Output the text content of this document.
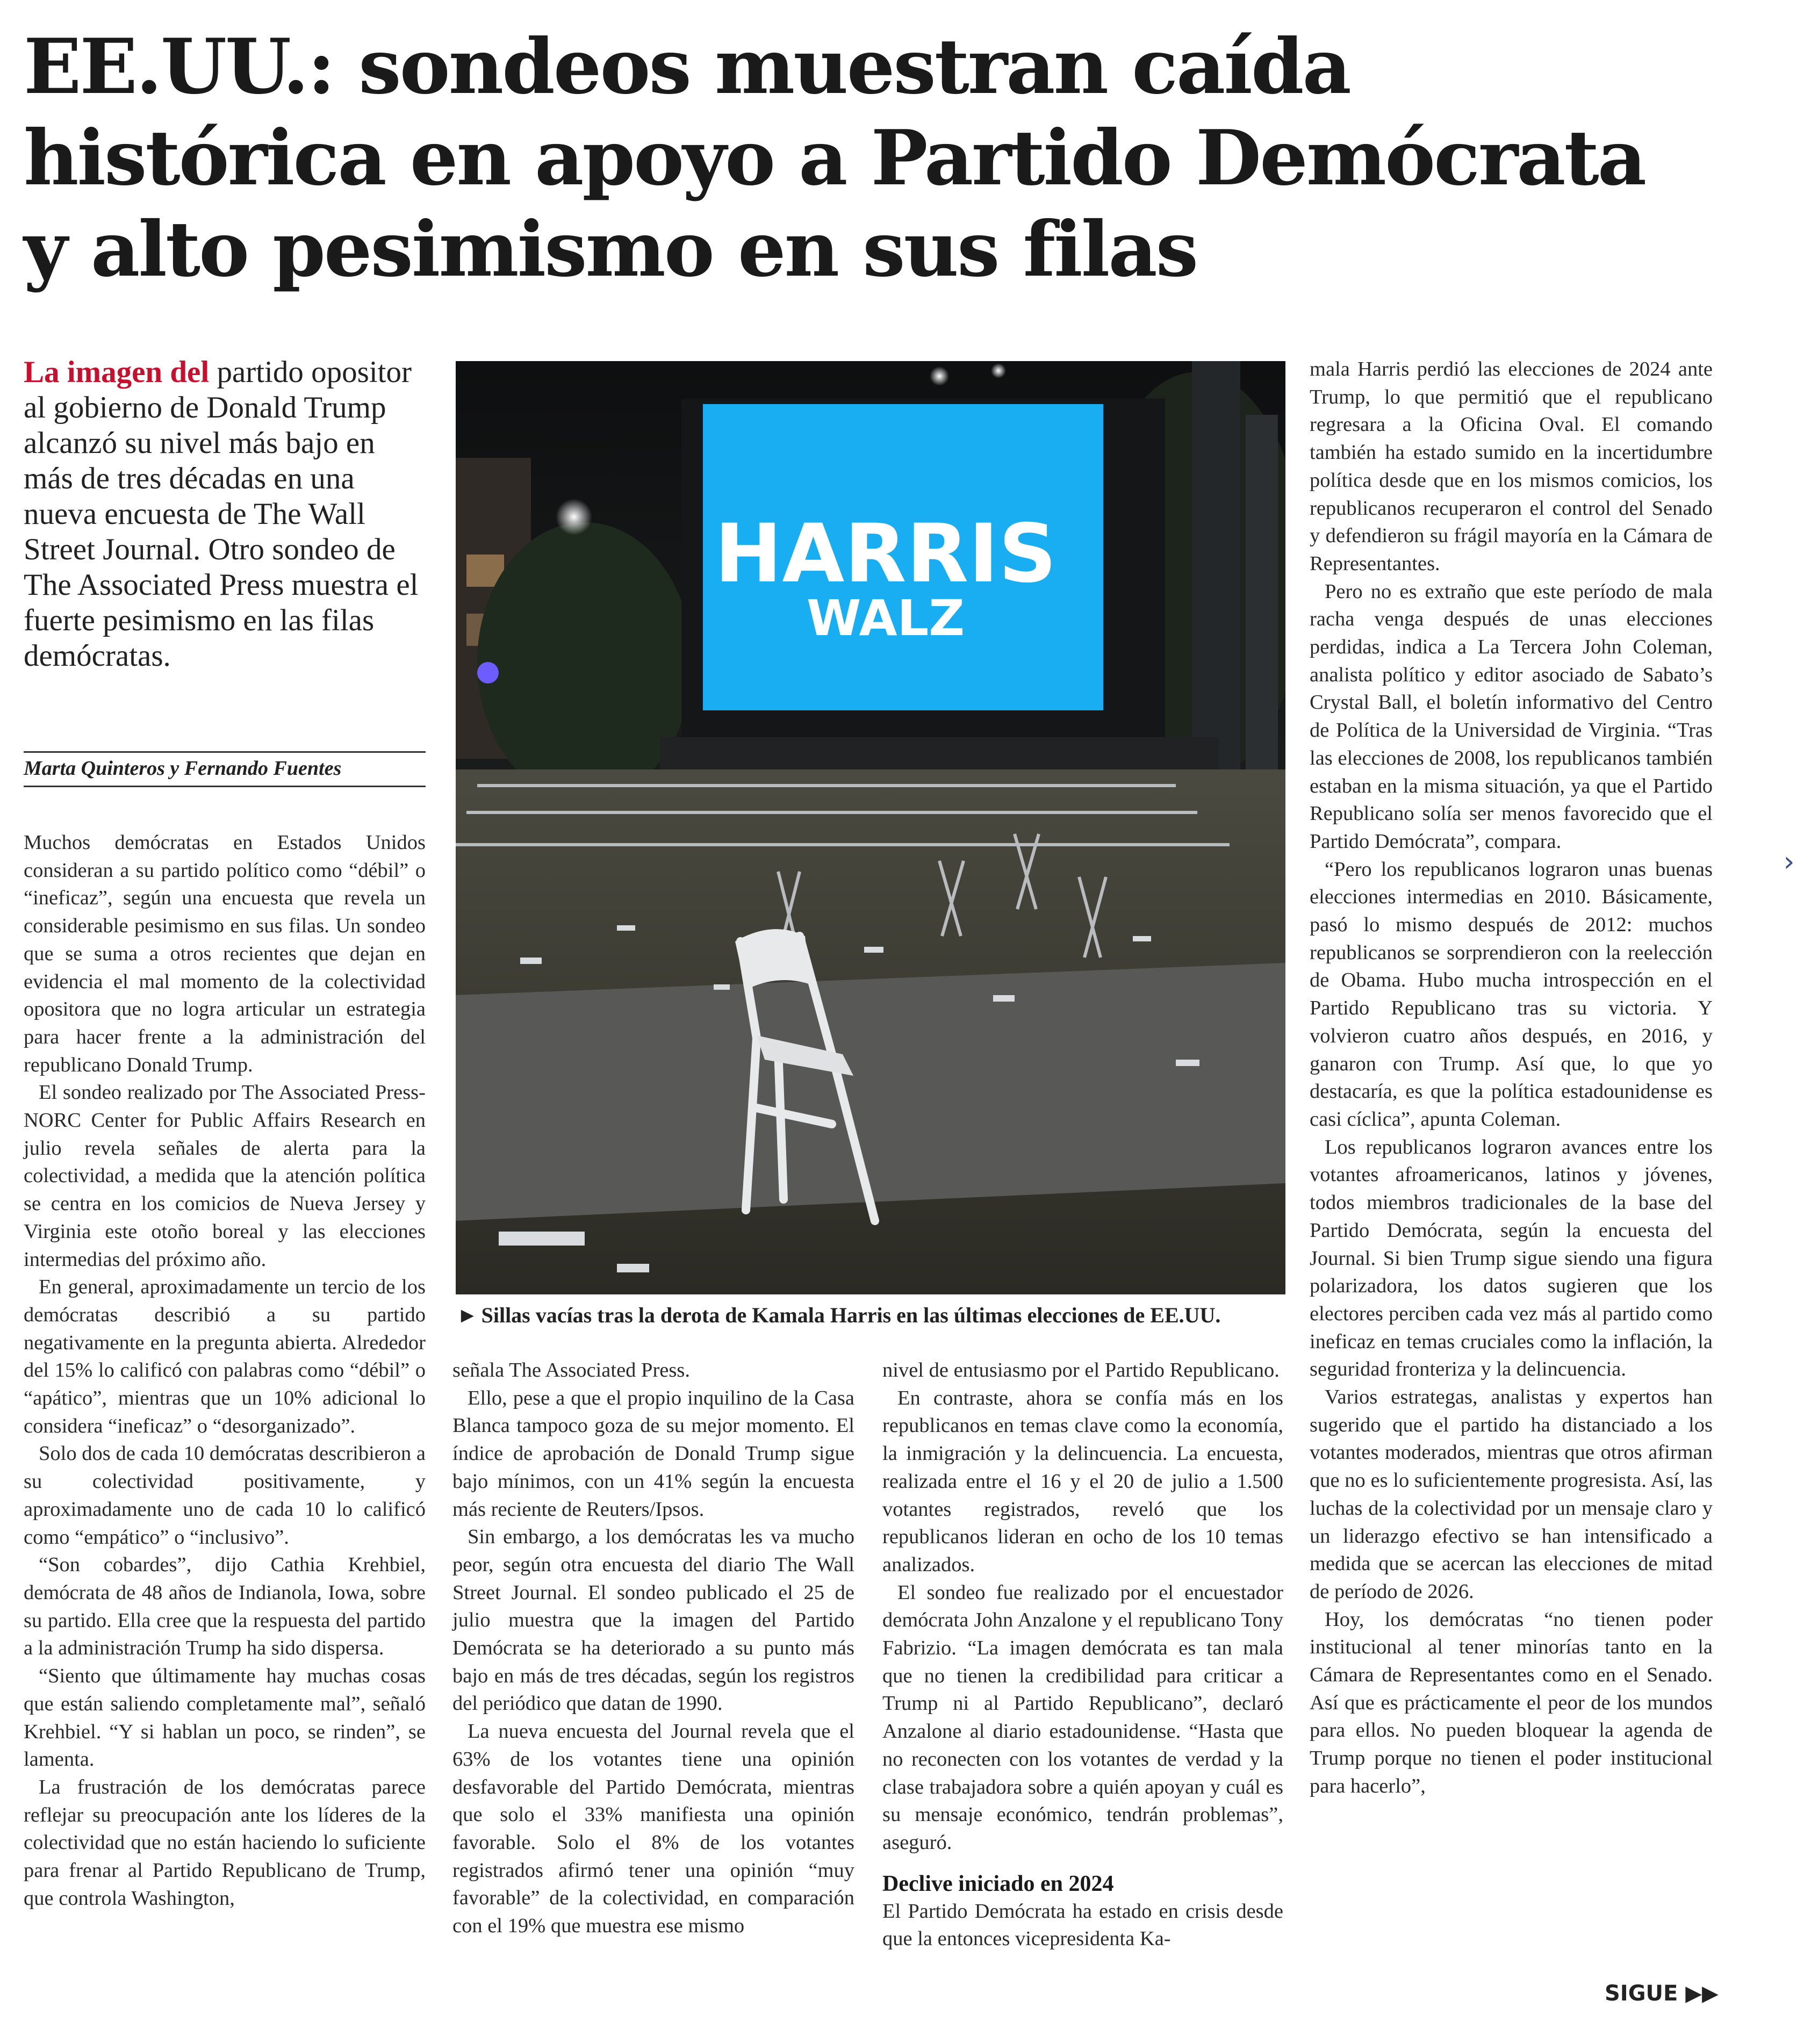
EE.UU.: sondeos muestran caída
histórica en apoyo a Partido Demócrata
y alto pesimismo en sus filas

La imagen del partido opositor al gobierno de Donald Trump alcanzó su nivel más bajo en más de tres décadas en una nueva encuesta de The Wall Street Journal. Otro sondeo de The Associated Press muestra el fuerte pesimismo en las filas demócratas.

Marta Quinteros y Fernando Fuentes

Muchos demócratas en Estados Unidos consideran a su partido político como “débil” o “ineficaz”, según una encuesta que revela un considerable pesimismo en sus filas. Un sondeo que se suma a otros recientes que dejan en evidencia el mal momento de la colectividad opositora que no logra articular un estrategia para hacer frente a la administración del republicano Donald Trump.

El sondeo realizado por The Associated Press-NORC Center for Public Affairs Research en julio revela señales de alerta para la colectividad, a medida que la atención política se centra en los comicios de Nueva Jersey y Virginia este otoño boreal y las elecciones intermedias del próximo año.

En general, aproximadamente un tercio de los demócratas describió a su partido negativamente en la pregunta abierta. Alrededor del 15% lo calificó con palabras como “débil” o “apático”, mientras que un 10% adicional lo considera “ineficaz” o “desorganizado”.

Solo dos de cada 10 demócratas describieron a su colectividad positivamente, y aproximadamente uno de cada 10 lo calificó como “empático” o “inclusivo”.

“Son cobardes”, dijo Cathia Krehbiel, demócrata de 48 años de Indianola, Iowa, sobre su partido. Ella cree que la respuesta del partido a la administración Trump ha sido dispersa.

“Siento que últimamente hay muchas cosas que están saliendo completamente mal”, señaló Krehbiel. “Y si hablan un poco, se rinden”, se lamenta.

La frustración de los demócratas parece reflejar su preocupación ante los líderes de la colectividad que no están haciendo lo suficiente para frenar al Partido Republicano de Trump, que controla Washington,

HARRIS
WALZ

► Sillas vacías tras la derota de Kamala Harris en las últimas elecciones de EE.UU.

señala The Associated Press.

Ello, pese a que el propio inquilino de la Casa Blanca tampoco goza de su mejor momento. El índice de aprobación de Donald Trump sigue bajo mínimos, con un 41% según la encuesta más reciente de Reuters/Ipsos.

Sin embargo, a los demócratas les va mucho peor, según otra encuesta del diario The Wall Street Journal. El sondeo publicado el 25 de julio muestra que la imagen del Partido Demócrata se ha deteriorado a su punto más bajo en más de tres décadas, según los registros del periódico que datan de 1990.

La nueva encuesta del Journal revela que el 63% de los votantes tiene una opinión desfavorable del Partido Demócrata, mientras que solo el 33% manifiesta una opinión favorable. Solo el 8% de los votantes registrados afirmó tener una opinión “muy favorable” de la colectividad, en comparación con el 19% que muestra ese mismo

nivel de entusiasmo por el Partido Republicano.

En contraste, ahora se confía más en los republicanos en temas clave como la economía, la inmigración y la delincuencia. La encuesta, realizada entre el 16 y el 20 de julio a 1.500 votantes registrados, reveló que los republicanos lideran en ocho de los 10 temas analizados.

El sondeo fue realizado por el encuestador demócrata John Anzalone y el republicano Tony Fabrizio. “La imagen demócrata es tan mala que no tienen la credibilidad para criticar a Trump ni al Partido Republicano”, declaró Anzalone al diario estadounidense. “Hasta que no reconecten con los votantes de verdad y la clase trabajadora sobre a quién apoyan y cuál es su mensaje económico, tendrán problemas”, aseguró.

Declive iniciado en 2024

El Partido Demócrata ha estado en crisis desde que la entonces vicepresidenta Ka-

mala Harris perdió las elecciones de 2024 ante Trump, lo que permitió que el republicano regresara a la Oficina Oval. El comando también ha estado sumido en la incertidumbre política desde que en los mismos comicios, los republicanos recuperaron el control del Senado y defendieron su frágil mayoría en la Cámara de Representantes.

Pero no es extraño que este período de mala racha venga después de unas elecciones perdidas, indica a La Tercera John Coleman, analista político y editor asociado de Sabato’s Crystal Ball, el boletín informativo del Centro de Política de la Universidad de Virginia. “Tras las elecciones de 2008, los republicanos también estaban en la misma situación, ya que el Partido Republicano solía ser menos favorecido que el Partido Demócrata”, compara.

“Pero los republicanos lograron unas buenas elecciones intermedias en 2010. Básicamente, pasó lo mismo después de 2012: muchos republicanos se sorprendieron con la reelección de Obama. Hubo mucha introspección en el Partido Republicano tras su victoria. Y volvieron cuatro años después, en 2016, y ganaron con Trump. Así que, lo que yo destacaría, es que la política estadounidense es casi cíclica”, apunta Coleman.

Los republicanos lograron avances entre los votantes afroamericanos, latinos y jóvenes, todos miembros tradicionales de la base del Partido Demócrata, según la encuesta del Journal. Si bien Trump sigue siendo una figura polarizadora, los datos sugieren que los electores perciben cada vez más al partido como ineficaz en temas cruciales como la inflación, la seguridad fronteriza y la delincuencia.

Varios estrategas, analistas y expertos han sugerido que el partido ha distanciado a los votantes moderados, mientras que otros afirman que no es lo suficientemente progresista. Así, las luchas de la colectividad por un mensaje claro y un liderazgo efectivo se han intensificado a medida que se acercan las elecciones de mitad de período de 2026.

Hoy, los demócratas “no tienen poder institucional al tener minorías tanto en la Cámara de Representantes como en el Senado. Así que es prácticamente el peor de los mundos para ellos. No pueden bloquear la agenda de Trump porque no tienen el poder institucional para hacerlo”,

›

SIGUE ▶▶
